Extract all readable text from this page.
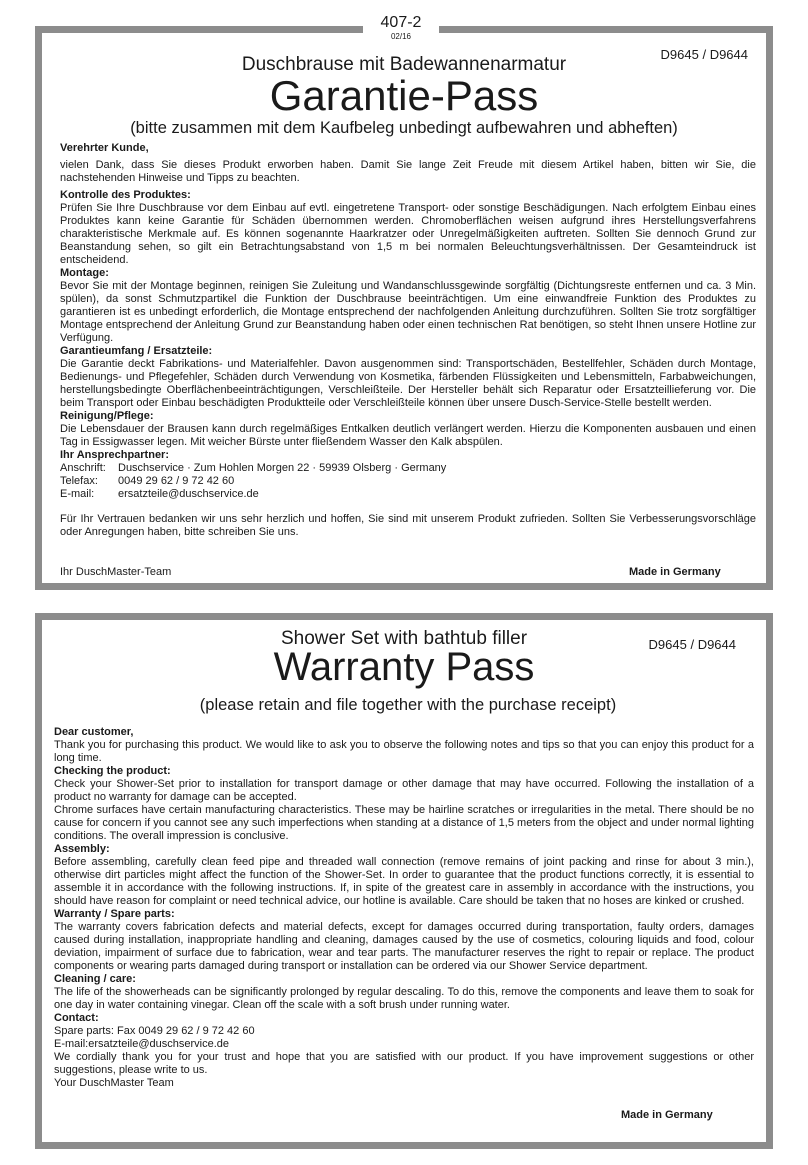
D9645 / D9644
Duschbrause mit Badewannenarmatur
Garantie-Pass
(bitte zusammen mit dem Kaufbeleg unbedingt aufbewahren und abheften)

Verehrter Kunde,

vielen Dank, dass Sie dieses Produkt erworben haben. Damit Sie lange Zeit Freude mit diesem Artikel haben, bitten wir Sie, die nachstehenden Hinweise und Tipps zu beachten.

Kontrolle des Produktes:

Prüfen Sie Ihre Duschbrause vor dem Einbau auf evtl. eingetretene Transport- oder sonstige Beschädigungen. Nach erfolgtem Einbau eines Produktes kann keine Garantie für Schäden übernommen werden. Chromoberflächen weisen aufgrund ihres Herstellungsverfahrens charakteristische Merkmale auf. Es können sogenannte Haarkratzer oder Unregelmäßigkeiten auftreten. Sollten Sie dennoch Grund zur Beanstandung sehen, so gilt ein Betrachtungsabstand von 1,5 m bei normalen Beleuchtungsverhältnissen. Der Gesamteindruck ist entscheidend.

Montage:

Bevor Sie mit der Montage beginnen, reinigen Sie Zuleitung und Wandanschlussgewinde sorgfältig (Dichtungsreste entfernen und ca. 3 Min. spülen), da sonst Schmutzpartikel die Funktion der Duschbrause beeinträchtigen. Um eine einwandfreie Funktion des Produktes zu garantieren ist es unbedingt erforderlich, die Montage entsprechend der nachfolgenden Anleitung durchzuführen. Sollten Sie trotz sorgfältiger Montage entsprechend der Anleitung Grund zur Beanstandung haben oder einen technischen Rat benötigen, so steht Ihnen unsere Hotline zur Verfügung.

Garantieumfang / Ersatzteile:

Die Garantie deckt Fabrikations- und Materialfehler. Davon ausgenommen sind: Transportschäden, Bestellfehler, Schäden durch Montage, Bedienungs- und Pflegefehler, Schäden durch Verwendung von Kosmetika, färbenden Flüssigkeiten und Lebensmitteln, Farbabweichungen, herstellungsbedingte Oberflächenbeeinträchtigungen, Verschleißteile. Der Hersteller behält sich Reparatur oder Ersatzteillieferung vor. Die beim Transport oder Einbau beschädigten Produktteile oder Verschleißteile können über unsere Dusch-Service-Stelle bestellt werden.

Reinigung/Pflege:

Die Lebensdauer der Brausen kann durch regelmäßiges Entkalken deutlich verlängert werden. Hierzu die Komponenten ausbauen und einen Tag in Essigwasser legen. Mit weicher Bürste unter fließendem Wasser den Kalk abspülen.

Ihr Ansprechpartner:

Anschrift:	Duschservice · Zum Hohlen Morgen 22 · 59939 Olsberg · Germany
Telefax:	0049 29 62 / 9 72 42 60
E-mail:	ersatzteile@duschservice.de

Für Ihr Vertrauen bedanken wir uns sehr herzlich und hoffen, Sie sind mit unserem Produkt zufrieden. Sollten Sie Verbesserungsvorschläge oder Anregungen haben, bitte schreiben Sie uns.

Ihr DuschMaster-Team	Made in Germany
407-2
02/16
D9645 / D9644
Shower Set with bathtub filler
Warranty Pass
(please retain and file together with the purchase receipt)

Dear customer,

Thank you for purchasing this product. We would like to ask you to observe the following notes and tips so that you can enjoy this product for a long time.

Checking the product:

Check your Shower-Set prior to installation for transport damage or other damage that may have occurred. Following the installation of a product no warranty for damage can be accepted.

Chrome surfaces have certain manufacturing characteristics. These may be hairline scratches or irregularities in the metal. There should be no cause for concern if you cannot see any such imperfections when standing at a distance of 1,5 meters from the object and under normal lighting conditions. The overall impression is conclusive.

Assembly:

Before assembling, carefully clean feed pipe and threaded wall connection (remove remains of joint packing and rinse for about 3 min.), otherwise dirt particles might affect the function of the Shower-Set. In order to guarantee that the product functions correctly, it is essential to assemble it in accordance with the following instructions. If, in spite of the greatest care in assembly in accordance with the instructions, you should have reason for complaint or need technical advice, our hotline is available. Care should be taken that no hoses are kinked or crushed.

Warranty / Spare parts:

The warranty covers fabrication defects and material defects, except for damages occurred during transportation, faulty orders, damages caused during installation, inappropriate handling and cleaning, damages caused by the use of cosmetics, colouring liquids and food, colour deviation, impairment of surface due to fabrication, wear and tear parts. The manufacturer reserves the right to repair or replace. The product components or wearing parts damaged during transport or installation can be ordered via our Shower Service department.

Cleaning / care:

The life of the showerheads can be significantly prolonged by regular descaling. To do this, remove the components and leave them to soak for one day in water containing vinegar. Clean off the scale with a soft brush under running water.

Contact:

Spare parts: Fax 0049 29 62 / 9 72 42 60

E-mail:ersatzteile@duschservice.de

We cordially thank you for your trust and hope that you are satisfied with our product. If you have improvement suggestions or other suggestions, please write to us.

Your DuschMaster Team

Made in Germany
